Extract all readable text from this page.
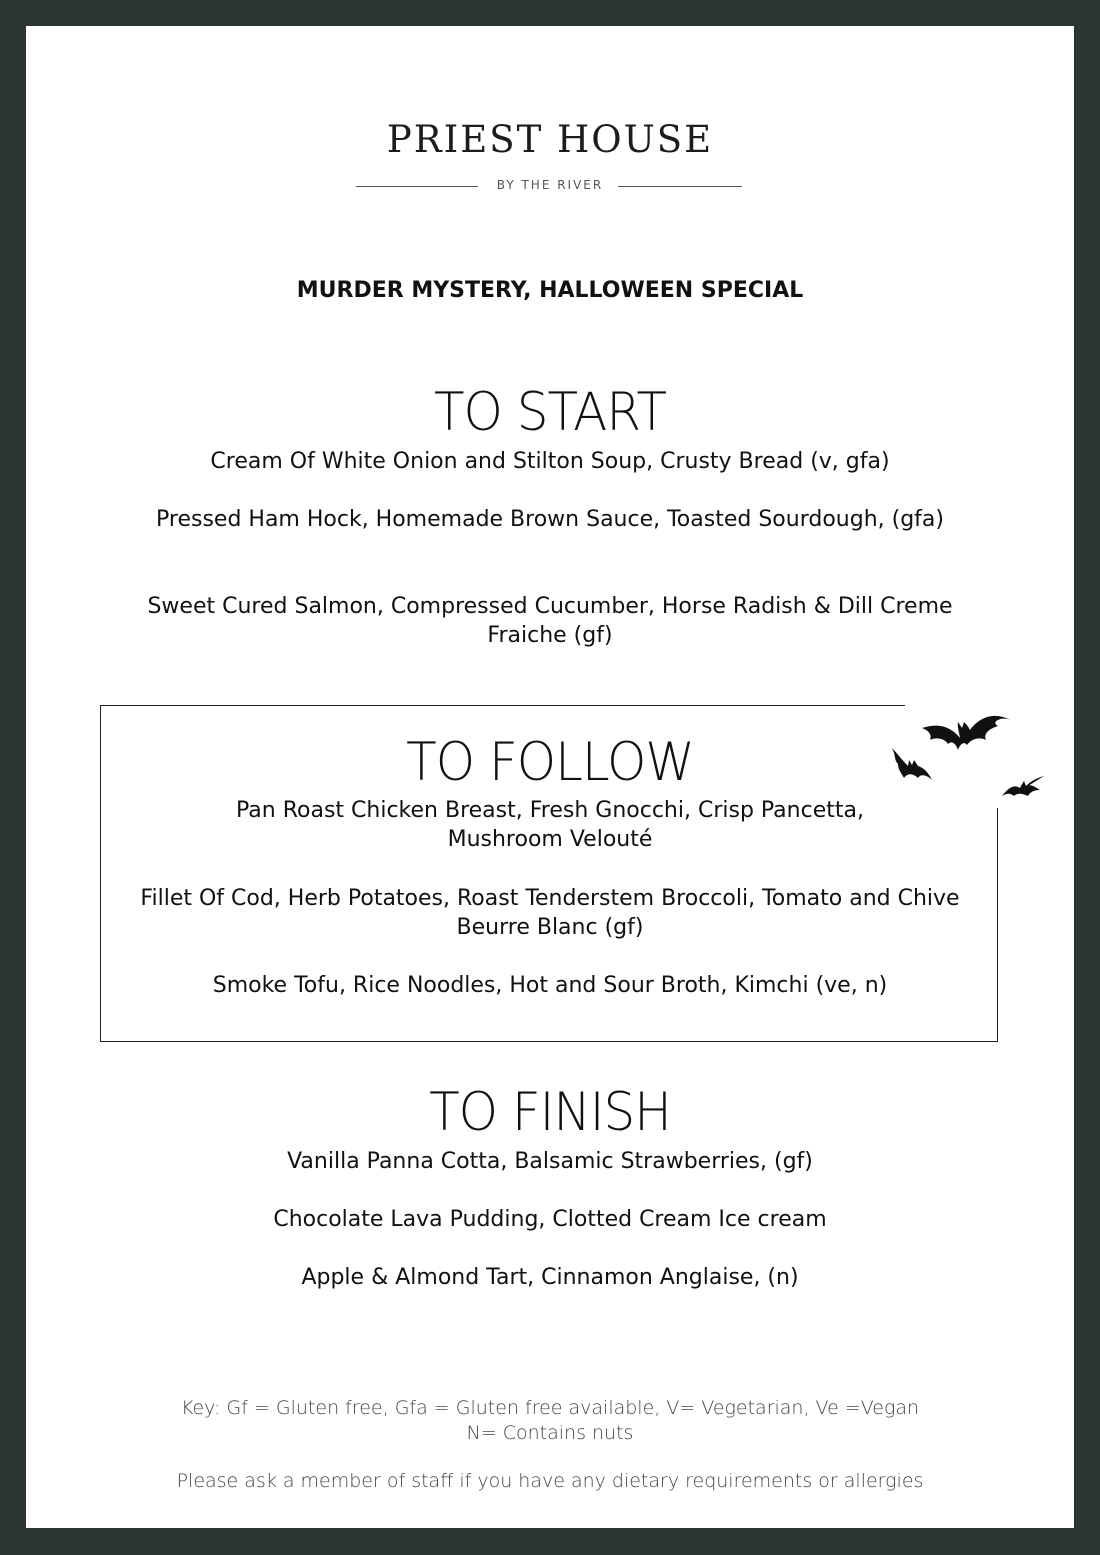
PRIEST HOUSE
BY THE RIVER
MURDER MYSTERY, HALLOWEEN SPECIAL
TO START
Cream Of White Onion and Stilton Soup, Crusty Bread (v, gfa)
Pressed Ham Hock, Homemade Brown Sauce, Toasted Sourdough, (gfa)
Sweet Cured Salmon, Compressed Cucumber, Horse Radish & Dill Creme Fraiche (gf)
TO FOLLOW
Pan Roast Chicken Breast, Fresh Gnocchi, Crisp Pancetta, Mushroom Velouté
Fillet Of Cod, Herb Potatoes, Roast Tenderstem Broccoli, Tomato and Chive Beurre Blanc (gf)
Smoke Tofu, Rice Noodles, Hot and Sour Broth, Kimchi (ve, n)
TO FINISH
Vanilla Panna Cotta, Balsamic Strawberries, (gf)
Chocolate Lava Pudding, Clotted Cream Ice cream
Apple & Almond Tart, Cinnamon Anglaise, (n)
Key: Gf = Gluten free, Gfa = Gluten free available, V= Vegetarian, Ve =Vegan
N= Contains nuts
Please ask a member of staff if you have any dietary requirements or allergies
